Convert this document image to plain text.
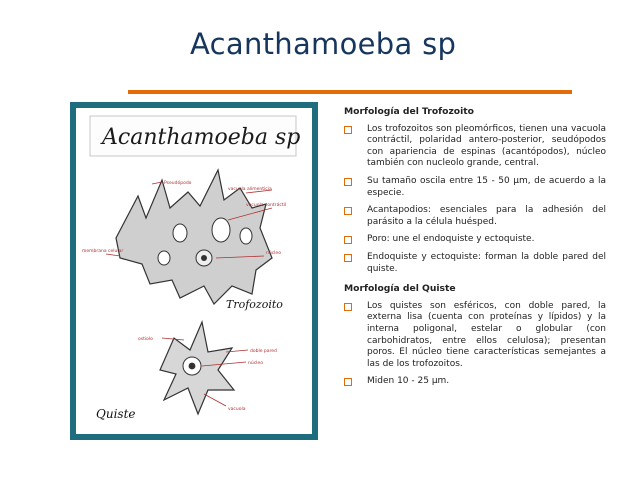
Acanthamoeba sp
Acanthamoeba sp
Pseudópodo
vacuola alimenticia
vacuola contráctil
núcleo
membrana celular
Trofozoito
ostiolo
doble pared
núcleo
vacuola
Quiste
Morfología del Trofozoito
Los trofozoitos son pleomórficos, tienen una vacuola contráctil, polaridad antero-posterior, seudópodos con apariencia de espinas (acantópodos), núcleo también con nucleolo grande, central.
Su tamaño oscila entre 15 - 50 µm, de acuerdo a la especie.
Acantapodios: esenciales para la adhesión del parásito a la célula huésped.
Poro: une el endoquiste y ectoquiste.
Endoquiste y ectoquiste: forman la doble pared del quiste.
Morfología del Quiste
Los quistes son esféricos, con doble pared, la externa lisa (cuenta con proteínas y lípidos) y la interna poligonal, estelar o globular (con carbohidratos, entre ellos celulosa); presentan poros. El núcleo tiene características semejantes a las de los trofozoitos.
Miden 10 - 25 µm.
